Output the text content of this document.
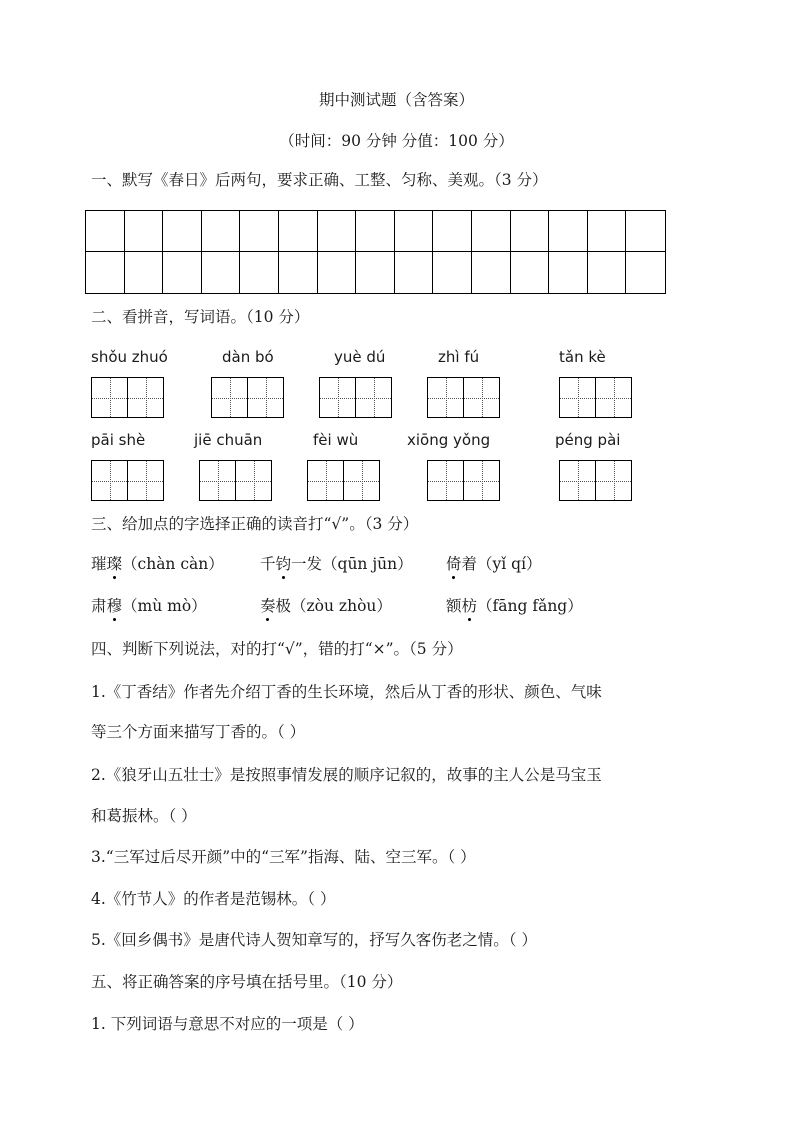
期中测试题（含答案）
（时间：90 分钟 分值：100 分）
一、默写《春日》后两句，要求正确、工整、匀称、美观。（3 分）
二、看拼音，写词语。（10 分）
shǒu zhuó	dàn bó	yuè dú	zhì fú	tǎn kè
pāi shè	jiē chuān	fèi wù	xiōng yǒng	péng pài
三、给加点的字选择正确的读音打“√”。（3 分）
璀璨（chàn càn） 千钧一发（qūn jūn） 倚着（yǐ qí）
肃穆（mù mò）	奏极（zòu zhòu）	额枋（fāng fǎng）
四、判断下列说法，对的打“√”，错的打“×”。（5 分）
1.《丁香结》作者先介绍丁香的生长环境，然后从丁香的形状、颜色、气味
等三个方面来描写丁香的。（ ）
2.《狼牙山五壮士》是按照事情发展的顺序记叙的，故事的主人公是马宝玉
和葛振林。（ ）
3.“三军过后尽开颜”中的“三军”指海、陆、空三军。（ ）
4.《竹节人》的作者是范锡林。（ ）
5.《回乡偶书》是唐代诗人贺知章写的，抒写久客伤老之情。（ ）
五、将正确答案的序号填在括号里。（10 分）
1. 下列词语与意思不对应的一项是（ ）
